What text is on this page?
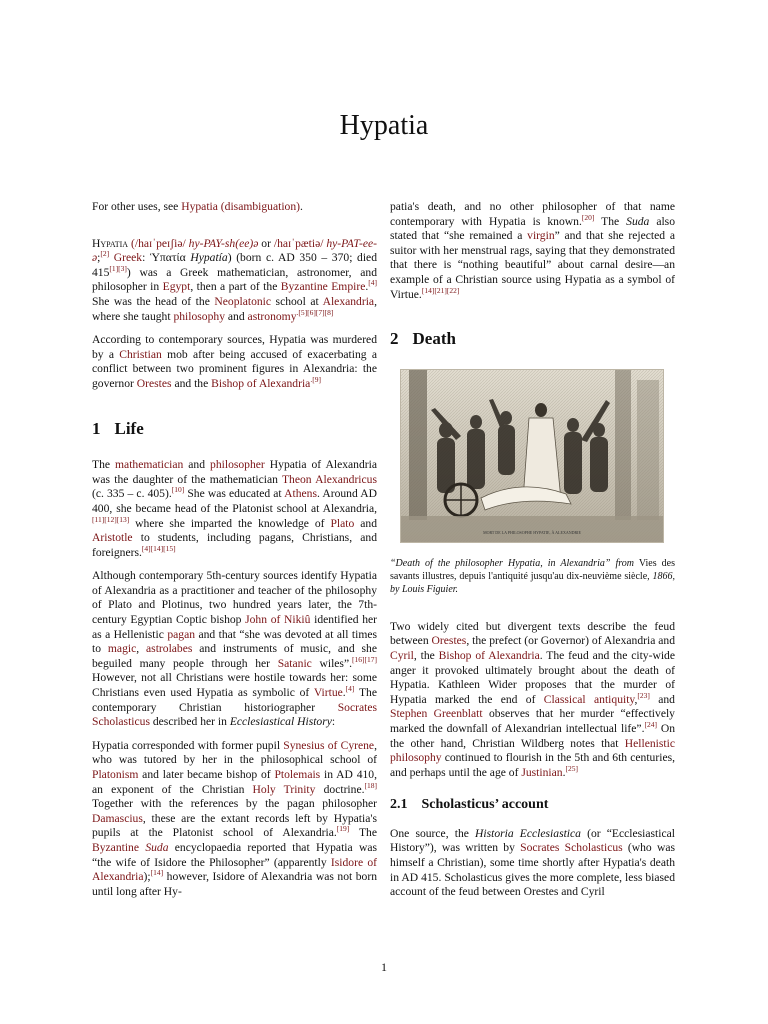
Hypatia

For other uses, see Hypatia (disambiguation).

Hypatia (/haɪˈpeɪʃiə/ hy-PAY-sh(ee)ə or /haɪˈpætiə/ hy-PAT-ee-ə;[2] Greek: Ὑπατία Hypatía) (born c. AD 350 – 370; died 415[1][3]) was a Greek mathematician, astronomer, and philosopher in Egypt, then a part of the Byzantine Empire.[4] She was the head of the Neoplatonic school at Alexandria, where she taught philosophy and astronomy$^{.[5][6][7][8]}$

According to contemporary sources, Hypatia was murdered by a Christian mob after being accused of exacerbating a conflict between two prominent figures in Alexandria: the governor Orestes and the Bishop of Alexandria$^{.[9]}$

1 Life

The mathematician and philosopher Hypatia of Alexandria was the daughter of the mathematician Theon Alexandricus (c. 335 – c. 405).[10] She was educated at Athens. Around AD 400, she became head of the Platonist school at Alexandria,[11][12][13] where she imparted the knowledge of Plato and Aristotle to students, including pagans, Christians, and foreigners.[4][14][15]

Although contemporary 5th-century sources identify Hypatia of Alexandria as a practitioner and teacher of the philosophy of Plato and Plotinus, two hundred years later, the 7th-century Egyptian Coptic bishop John of Nikiû identified her as a Hellenistic pagan and that “she was devoted at all times to magic, astrolabes and instruments of music, and she beguiled many people through her Satanic wiles”.[16][17] However, not all Christians were hostile towards her: some Christians even used Hypatia as symbolic of Virtue.[4] The contemporary Christian historiographer Socrates Scholasticus described her in Ecclesiastical History:

Hypatia corresponded with former pupil Synesius of Cyrene, who was tutored by her in the philosophical school of Platonism and later became bishop of Ptolemais in AD 410, an exponent of the Christian Holy Trinity doctrine.[18] Together with the references by the pagan philosopher Damascius, these are the extant records left by Hypatia's pupils at the Platonist school of Alexandria.[19] The Byzantine Suda encyclopaedia reported that Hypatia was “the wife of Isidore the Philosopher” (apparently Isidore of Alexandria);[14] however, Isidore of Alexandria was not born until long after Hy-

patia's death, and no other philosopher of that name contemporary with Hypatia is known.[20] The Suda also stated that “she remained a virgin” and that she rejected a suitor with her menstrual rags, saying that they demonstrated that there is “nothing beautiful” about carnal desire—an example of a Christian source using Hypatia as a symbol of Virtue.[14][21][22]

2 Death
MORT DE LA PHILOSOPHE HYPATIE, À ALEXANDRIE

“Death of the philosopher Hypatia, in Alexandria” from Vies des savants illustres, depuis l'antiquité jusqu'au dix-neuvième siècle, 1866, by Louis Figuier.

Two widely cited but divergent texts describe the feud between Orestes, the prefect (or Governor) of Alexandria and Cyril, the Bishop of Alexandria. The feud and the city-wide anger it provoked ultimately brought about the death of Hypatia. Kathleen Wider proposes that the murder of Hypatia marked the end of Classical antiquity,[23] and Stephen Greenblatt observes that her murder “effectively marked the downfall of Alexandrian intellectual life”.[24] On the other hand, Christian Wildberg notes that Hellenistic philosophy continued to flourish in the 5th and 6th centuries, and perhaps until the age of Justinian.[25]

2.1 Scholasticus’ account

One source, the Historia Ecclesiastica (or “Ecclesiastical History”), was written by Socrates Scholasticus (who was himself a Christian), some time shortly after Hypatia's death in AD 415. Scholasticus gives the more complete, less biased account of the feud between Orestes and Cyril

1
